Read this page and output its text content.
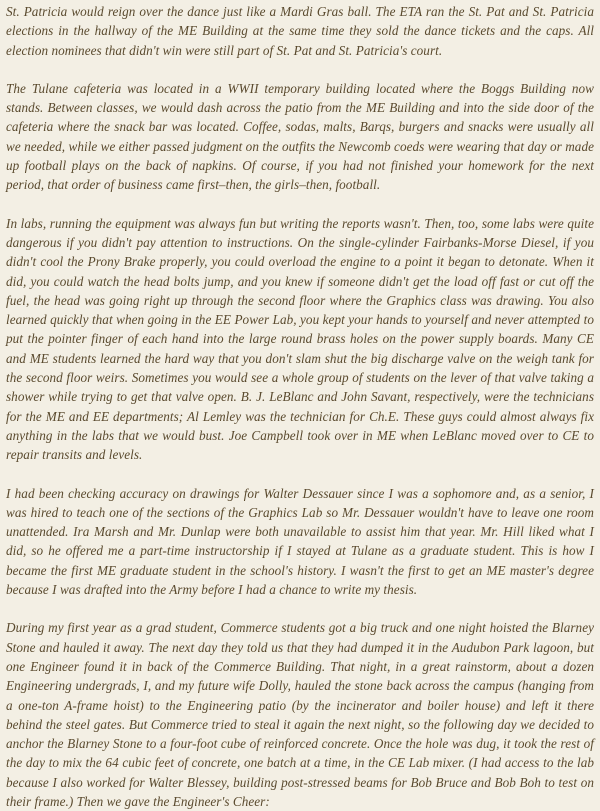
St. Patricia would reign over the dance just like a Mardi Gras ball. The ETA ran the St. Pat and St. Patricia elections in the hallway of the ME Building at the same time they sold the dance tickets and the caps. All election nominees that didn't win were still part of St. Pat and St. Patricia's court.

The Tulane cafeteria was located in a WWII temporary building located where the Boggs Building now stands. Between classes, we would dash across the patio from the ME Building and into the side door of the cafeteria where the snack bar was located. Coffee, sodas, malts, Barqs, burgers and snacks were usually all we needed, while we either passed judgment on the outfits the Newcomb coeds were wearing that day or made up football plays on the back of napkins. Of course, if you had not finished your homework for the next period, that order of business came first–then, the girls–then, football.

In labs, running the equipment was always fun but writing the reports wasn't. Then, too, some labs were quite dangerous if you didn't pay attention to instructions. On the single-cylinder Fairbanks-Morse Diesel, if you didn't cool the Prony Brake properly, you could overload the engine to a point it began to detonate. When it did, you could watch the head bolts jump, and you knew if someone didn't get the load off fast or cut off the fuel, the head was going right up through the second floor where the Graphics class was drawing. You also learned quickly that when going in the EE Power Lab, you kept your hands to yourself and never attempted to put the pointer finger of each hand into the large round brass holes on the power supply boards. Many CE and ME students learned the hard way that you don't slam shut the big discharge valve on the weigh tank for the second floor weirs. Sometimes you would see a whole group of students on the lever of that valve taking a shower while trying to get that valve open. B. J. LeBlanc and John Savant, respectively, were the technicians for the ME and EE departments; Al Lemley was the technician for Ch.E. These guys could almost always fix anything in the labs that we would bust. Joe Campbell took over in ME when LeBlanc moved over to CE to repair transits and levels.

I had been checking accuracy on drawings for Walter Dessauer since I was a sophomore and, as a senior, I was hired to teach one of the sections of the Graphics Lab so Mr. Dessauer wouldn't have to leave one room unattended. Ira Marsh and Mr. Dunlap were both unavailable to assist him that year. Mr. Hill liked what I did, so he offered me a part-time instructorship if I stayed at Tulane as a graduate student. This is how I became the first ME graduate student in the school's history. I wasn't the first to get an ME master's degree because I was drafted into the Army before I had a chance to write my thesis.

During my first year as a grad student, Commerce students got a big truck and one night hoisted the Blarney Stone and hauled it away. The next day they told us that they had dumped it in the Audubon Park lagoon, but one Engineer found it in back of the Commerce Building. That night, in a great rainstorm, about a dozen Engineering undergrads, I, and my future wife Dolly, hauled the stone back across the campus (hanging from a one-ton A-frame hoist) to the Engineering patio (by the incinerator and boiler house) and left it there behind the steel gates. But Commerce tried to steal it again the next night, so the following day we decided to anchor the Blarney Stone to a four-foot cube of reinforced concrete. Once the hole was dug, it took the rest of the day to mix the 64 cubic feet of concrete, one batch at a time, in the CE Lab mixer. (I had access to the lab because I also worked for Walter Blessey, building post-stressed beams for Bob Bruce and Bob Boh to test on their frame.) Then we gave the Engineer's Cheer:
